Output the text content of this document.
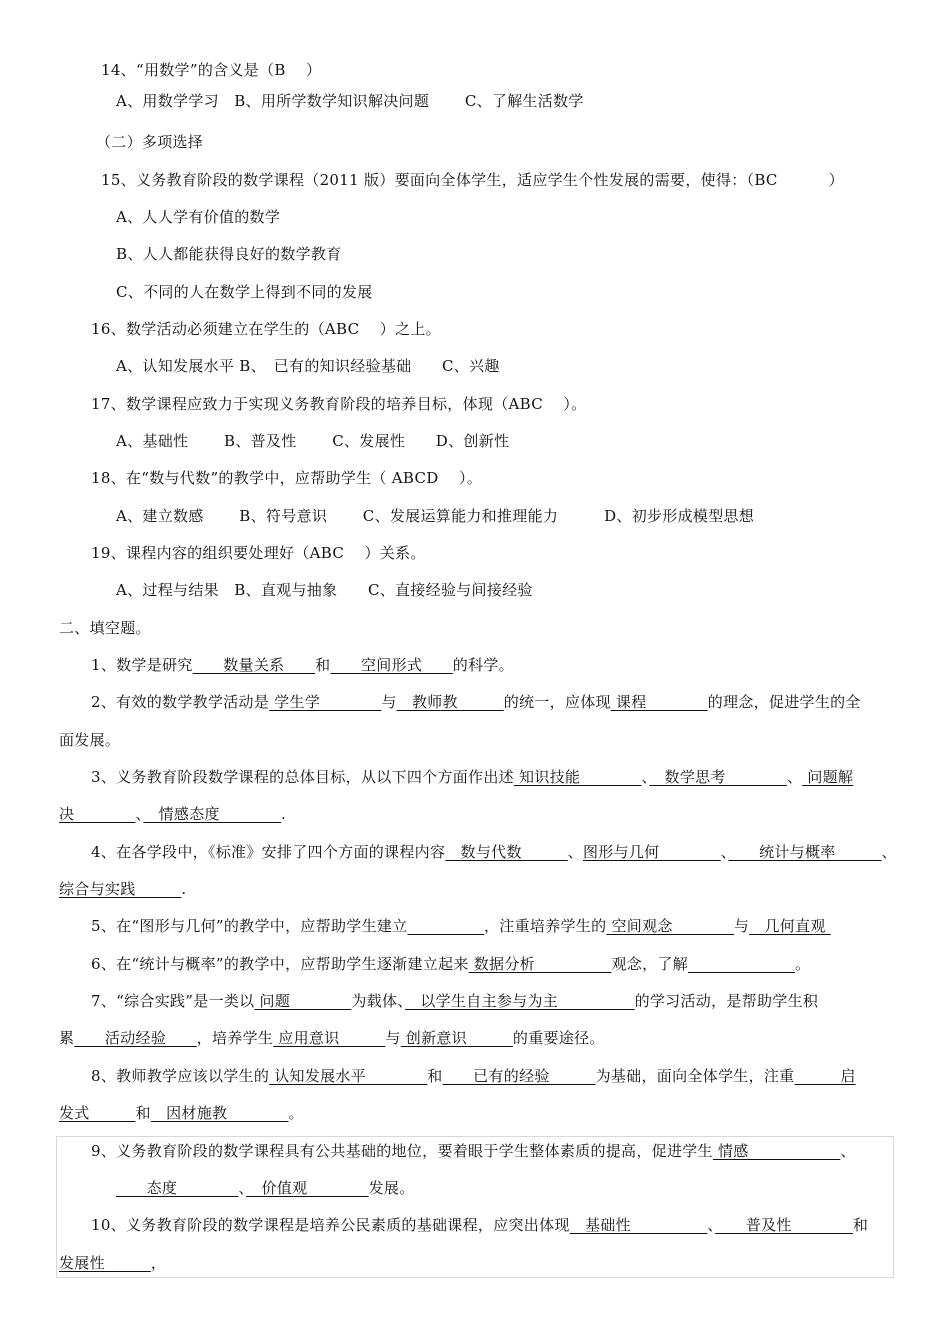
14、“用数学”的含义是（B　 ）
A、用数学学习　B、用所学数学知识解决问题　　 C、了解生活数学
（二）多项选择
15、义务教育阶段的数学课程（2011 版）要面向全体学生，适应学生个性发展的需要，使得：（BC　　　 ）
A、人人学有价值的数学
B、人人都能获得良好的数学教育
C、不同的人在数学上得到不同的发展
16、数学活动必须建立在学生的（ABC　 ）之上。
A、认知发展水平 B、　已有的知识经验基础　　C、兴趣
17、数学课程应致力于实现义务教育阶段的培养目标，体现（ABC　 ）。
A、基础性　　 B、普及性　　 C、发展性　　D、创新性
18、在“数与代数”的教学中，应帮助学生（ ABCD　 ）。
A、建立数感　　 B、符号意识　　 C、发展运算能力和推理能力　　　D、初步形成模型思想
19、课程内容的组织要处理好（ABC　 ）关系。
A、过程与结果　B、直观与抽象　　C、直接经验与间接经验
二、填空题。
1、数学是研究　　数量关系　　和　　空间形式　　的科学。
2、有效的数学教学活动是 学生学　　　　与　教师教　　　的统一，应体现 课程　　　　的理念，促进学生的全
面发展。
3、义务教育阶段数学课程的总体目标，从以下四个方面作出述 知识技能　　　　、　数学思考　　　　、 问题解
决　　　　、　情感态度　　　　.
4、在各学段中，《标准》安排了四个方面的课程内容　数与代数　　　、图形与几何　　　　、　　统计与概率　　　、
综合与实践　　　.
5、在“图形与几何”的教学中，应帮助学生建立　　　　　	，注重培养学生的 空间观念　　　　与　几何直观
6、在“统计与概率”的教学中，应帮助学生逐渐建立起来 数据分析　　　　　观念，了解　　　　　　　	。
7、“综合实践”是一类以 问题　　　　为载体、　以学生自主参与为主　　　　　的学习活动，是帮助学生积
累　　活动经验　　，培养学生 应用意识　　　与 创新意识　　　的重要途径。
8、教师教学应该以学生的 认知发展水平　　　　和　　已有的经验　　　为基础，面向全体学生，注重　　　启
发式　　　和　因材施教　　　　。
9、义务教育阶段的数学课程具有公共基础的地位，要着眼于学生整体素质的提高，促进学生 情感　　　　　　、
　　态度　　　　、　价值观　　　　发展。
10、义务教育阶段的数学课程是培养公民素质的基础课程，应突出体现　基础性　　　　　、　　普及性　　　　和
发展性　　　，
